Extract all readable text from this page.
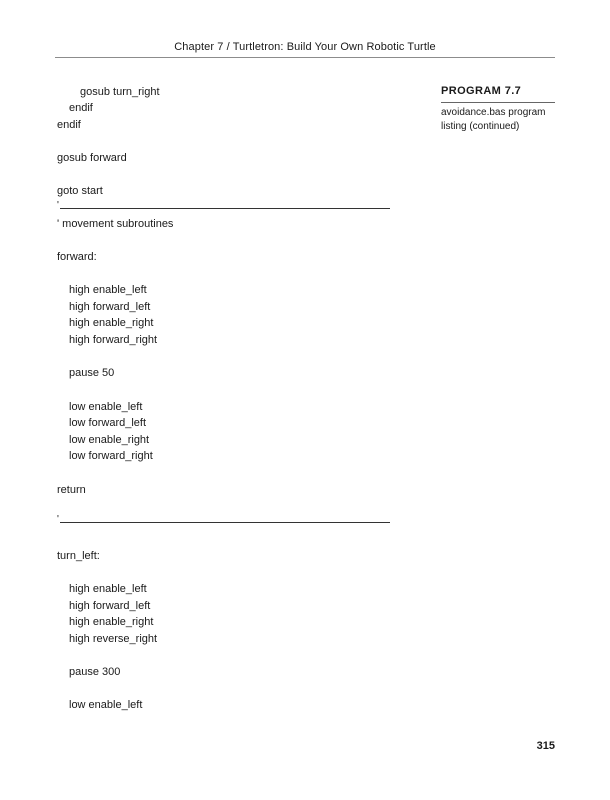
Chapter 7 / Turtletron: Build Your Own Robotic Turtle
gosub turn_right
endif
endif
gosub forward
goto start
'
' movement subroutines
forward:
high enable_left
high forward_left
high enable_right
high forward_right
pause 50
low enable_left
low forward_left
low enable_right
low forward_right
return
'
turn_left:
high enable_left
high forward_left
high enable_right
high reverse_right
pause 300
low enable_left
PROGRAM 7.7
avoidance.bas program
listing (continued)
315
